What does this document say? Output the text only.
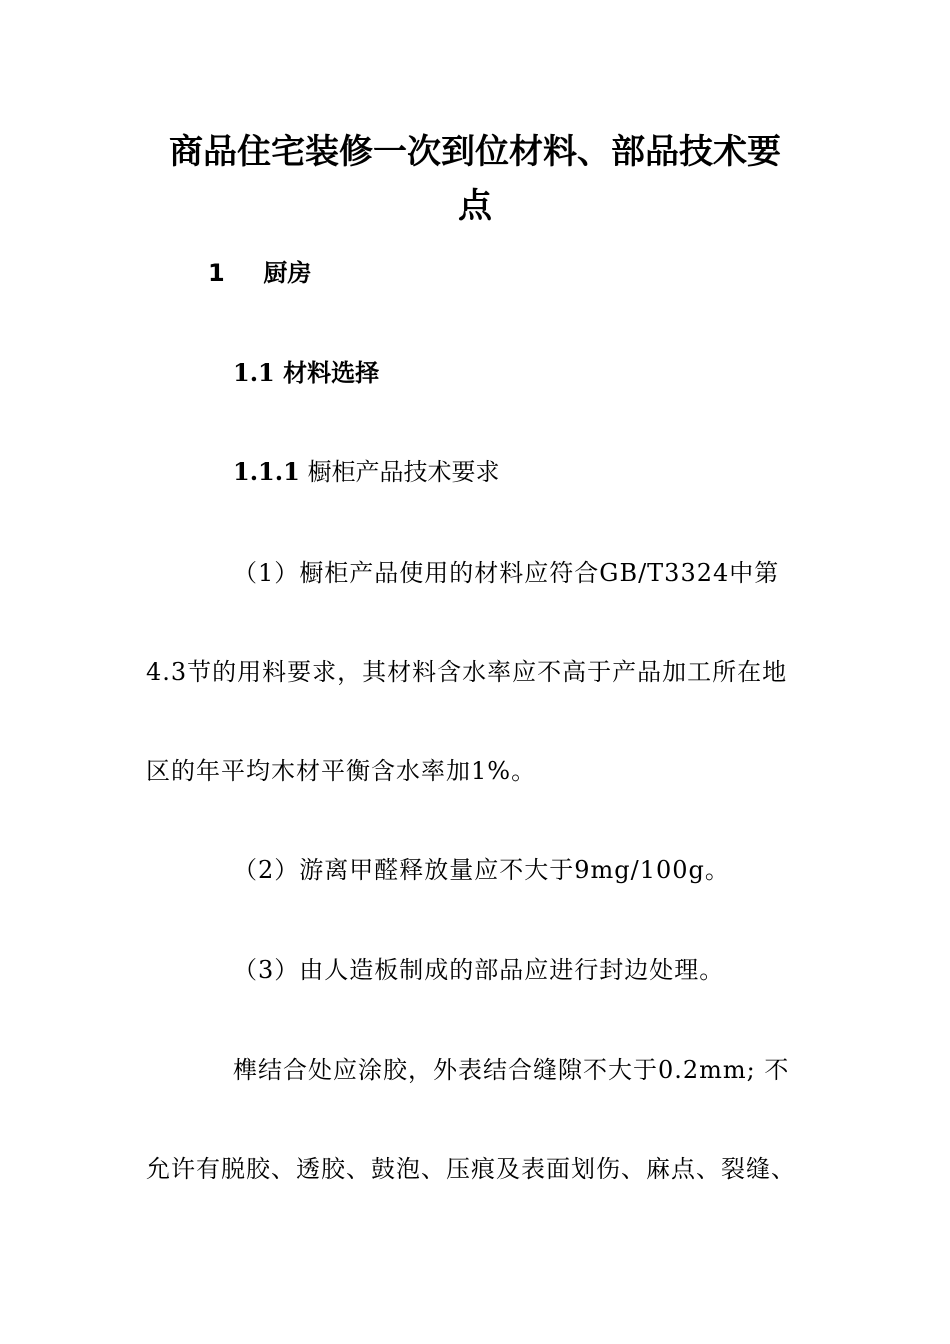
商品住宅装修一次到位材料、部品技术要
点
1 厨房
1.1 材料选择
1.1.1 橱柜产品技术要求
（1）橱柜产品使用的材料应符合GB/T3324中第
4.3节的用料要求，其材料含水率应不高于产品加工所在地
区的年平均木材平衡含水率加1%。
（2）游离甲醛释放量应不大于9mg/100g。
（3）由人造板制成的部品应进行封边处理。
榫结合处应涂胶，外表结合缝隙不大于0.2mm; 不
允许有脱胶、透胶、鼓泡、压痕及表面划伤、麻点、裂缝、
